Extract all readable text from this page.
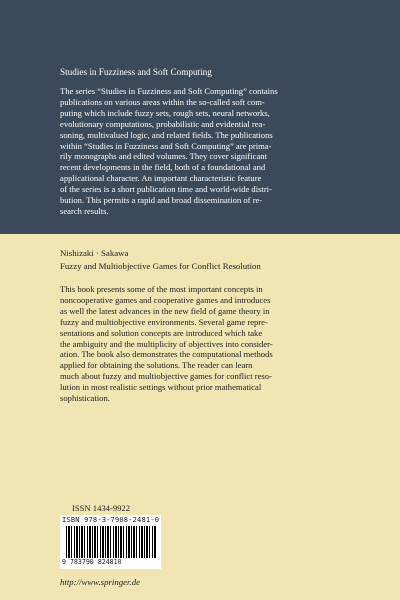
Studies in Fuzziness and Soft Computing

The series “Studies in Fuzziness and Soft Computing” contains
publications on various areas within the so-called soft com-
puting which include fuzzy sets, rough sets, neural networks,
evolutionary computations, probabilistic and evidential rea-
soning, multivalued logic, and related fields. The publications
within “Studies in Fuzziness and Soft Computing” are prima-
rily monographs and edited volumes. They cover significant
recent developments in the field, both of a foundational and
applicational character. An important characteristic feature
of the series is a short publication time and world-wide distri-
bution. This permits a rapid and broad dissemination of re-
search results.

Nishizaki · Sakawa

Fuzzy and Multiobjective Games for Conflict Resolution

This book presents some of the most important concepts in
noncooperative games and cooperative games and introduces
as well the latest advances in the new field of game theory in
fuzzy and multiobjective environments. Several game repre-
sentations and solution concepts are introduced which take
the ambiguity and the multiplicity of objectives into consider-
ation. The book also demonstrates the computational methods
applied for obtaining the solutions. The reader can learn
much about fuzzy and multiobjective games for conflict reso-
lution in most realistic settings without prior mathematical
sophistication.

ISSN 1434-9922

ISBN 978-3-7908-2481-0

9 783790 824810

http://www.springer.de
